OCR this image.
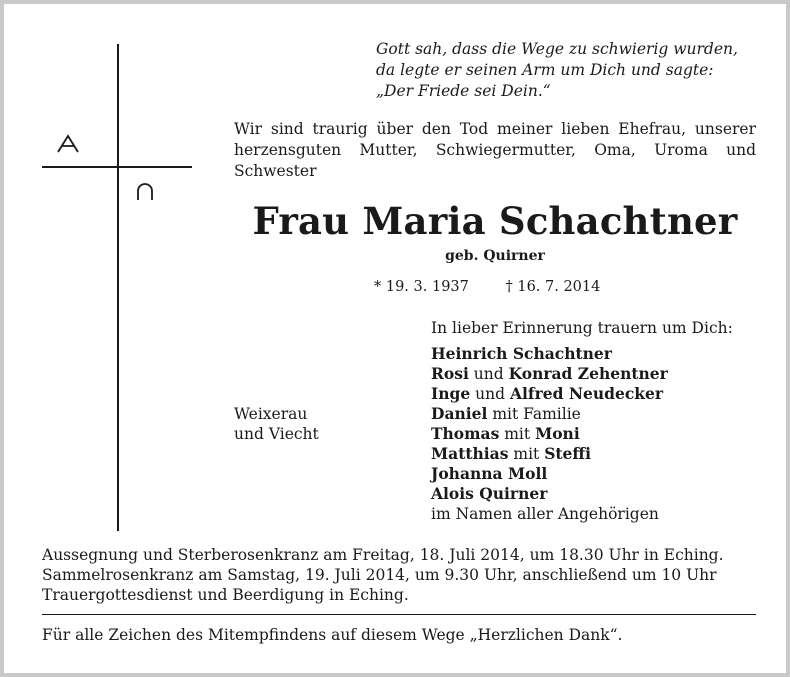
Gott sah, dass die Wege zu schwierig wurden,
da legte er seinen Arm um Dich und sagte:
„Der Friede sei Dein.“
Wir sind traurig über den Tod meiner lieben Ehefrau, unserer herzensguten Mutter, Schwiegermutter, Oma, Uroma und Schwester
Frau Maria Schachtner
geb. Quirner
* 19. 3. 1937	† 16. 7. 2014
In lieber Erinnerung trauern um Dich:
Heinrich Schachtner
Rosi und Konrad Zehentner
Inge und Alfred Neudecker
Daniel mit Familie
Thomas mit Moni
Matthias mit Steffi
Johanna Moll
Alois Quirner
im Namen aller Angehörigen
Weixerau
und Viecht
Aussegnung und Sterberosenkranz am Freitag, 18. Juli 2014, um 18.30 Uhr in Eching.
Sammelrosenkranz am Samstag, 19. Juli 2014, um 9.30 Uhr, anschließend um 10 Uhr
Trauergottesdienst und Beerdigung in Eching.
Für alle Zeichen des Mitempfindens auf diesem Wege „Herzlichen Dank“.
